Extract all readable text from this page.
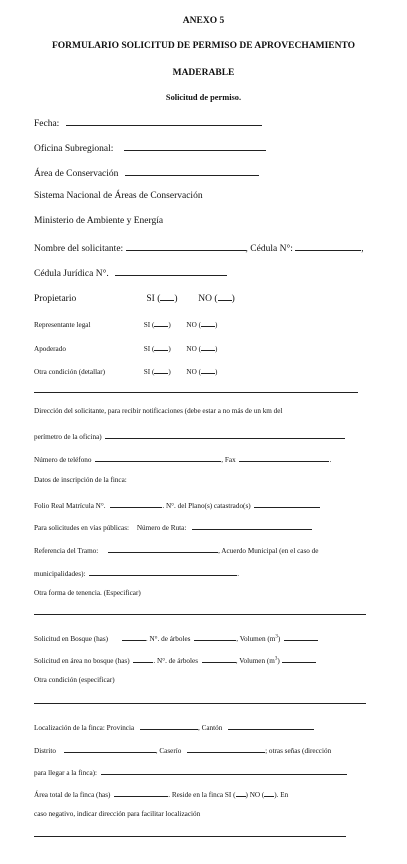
ANEXO 5
FORMULARIO SOLICITUD DE PERMISO DE APROVECHAMIENTO
MADERABLE
Solicitud de permiso.
Fecha:
Oficina Subregional:
Área de Conservación
Sistema Nacional de Áreas de Conservación
Ministerio de Ambiente y Energía
Nombre del solicitante:	, Cédula N°:	,
Cédula Jurídica N°.
Propietario	SI ( ) NO ( )
Representante legal	SI ( ) NO ( )
Apoderado	SI ( ) NO ( )
Otra condición (detallar)	SI ( ) NO ( )
Dirección del solicitante, para recibir notificaciones (debe estar a no más de un km del
perímetro de la oficina)
Número de teléfono	, Fax	.
Datos de inscripción de la finca:
Folio Real Matrícula N°.	. N°. del Plano(s) catastrado(s)
Para solicitudes en vías públicas: Número de Ruta:
Referencia del Tramo:	, Acuerdo Municipal (en el caso de
municipalidades):	.
Otra forma de tenencia. (Especificar)
Solicitud en Bosque (has)	. N°. de árboles	, Volumen $(m^3)$
Solicitud en área no bosque (has)	. N°. de árboles	, Volumen $(m^3)$
Otra condición (especificar)
Localización de la finca: Provincia	, Cantón
Distrito	, Caserío	; otras señas (dirección
para llegar a la finca):
Área total de la finca (has)	. Reside en la finca SI ( ) NO ( ). En
caso negativo, indicar dirección para facilitar localización
